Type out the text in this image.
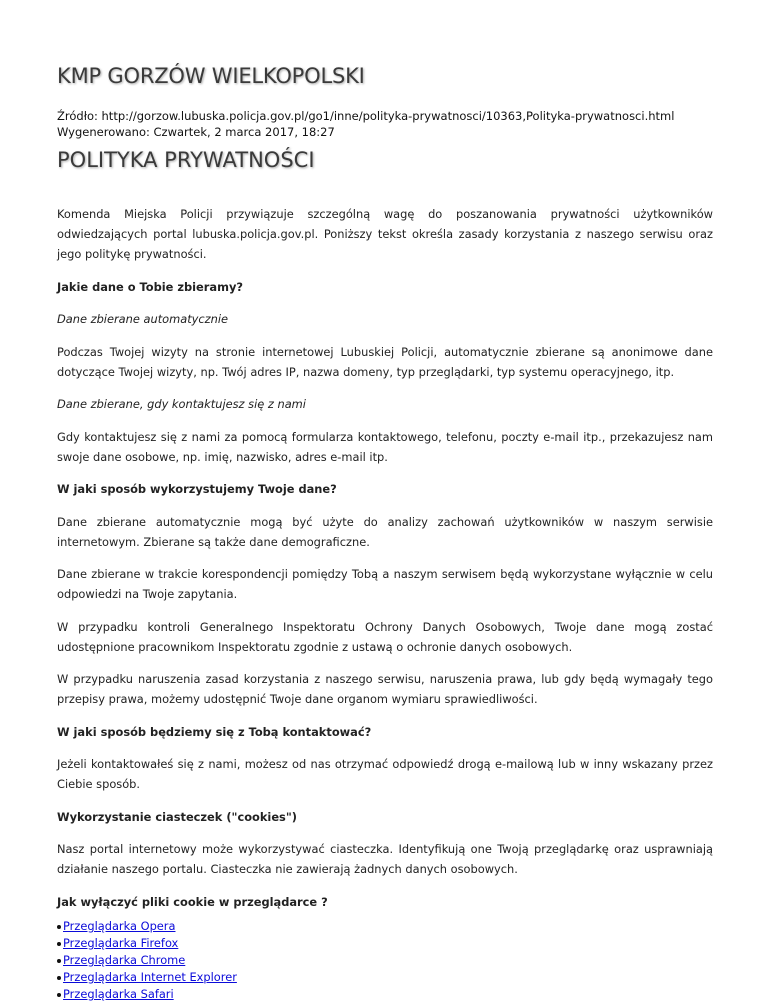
KMP GORZÓW WIELKOPOLSKI
Źródło: http://gorzow.lubuska.policja.gov.pl/go1/inne/polityka-prywatnosci/10363,Polityka-prywatnosci.html
Wygenerowano: Czwartek, 2 marca 2017, 18:27
POLITYKA PRYWATNOŚCI

Komenda Miejska Policji przywiązuje szczególną wagę do poszanowania prywatności użytkowników odwiedzających portal lubuska.policja.gov.pl. Poniższy tekst określa zasady korzystania z naszego serwisu oraz jego politykę prywatności.

Jakie dane o Tobie zbieramy?

Dane zbierane automatycznie

Podczas Twojej wizyty na stronie internetowej Lubuskiej Policji, automatycznie zbierane są anonimowe dane dotyczące Twojej wizyty, np. Twój adres IP, nazwa domeny, typ przeglądarki, typ systemu operacyjnego, itp.

Dane zbierane, gdy kontaktujesz się z nami

Gdy kontaktujesz się z nami za pomocą formularza kontaktowego, telefonu, poczty e-mail itp., przekazujesz nam swoje dane osobowe, np. imię, nazwisko, adres e-mail itp.

W jaki sposób wykorzystujemy Twoje dane?

Dane zbierane automatycznie mogą być użyte do analizy zachowań użytkowników w naszym serwisie internetowym. Zbierane są także dane demograficzne.

Dane zbierane w trakcie korespondencji pomiędzy Tobą a naszym serwisem będą wykorzystane wyłącznie w celu odpowiedzi na Twoje zapytania.

W przypadku kontroli Generalnego Inspektoratu Ochrony Danych Osobowych, Twoje dane mogą zostać udostępnione pracownikom Inspektoratu zgodnie z ustawą o ochronie danych osobowych.

W przypadku naruszenia zasad korzystania z naszego serwisu, naruszenia prawa, lub gdy będą wymagały tego przepisy prawa, możemy udostępnić Twoje dane organom wymiaru sprawiedliwości.

W jaki sposób będziemy się z Tobą kontaktować?

Jeżeli kontaktowałeś się z nami, możesz od nas otrzymać odpowiedź drogą e-mailową lub w inny wskazany przez Ciebie sposób.

Wykorzystanie ciasteczek ("cookies")

Nasz portal internetowy może wykorzystywać ciasteczka. Identyfikują one Twoją przeglądarkę oraz usprawniają działanie naszego portalu. Ciasteczka nie zawierają żadnych danych osobowych.

Jak wyłączyć pliki cookie w przeglądarce ?

Przeglądarka Opera
Przeglądarka Firefox
Przeglądarka Chrome
Przeglądarka Internet Explorer
Przeglądarka Safari
